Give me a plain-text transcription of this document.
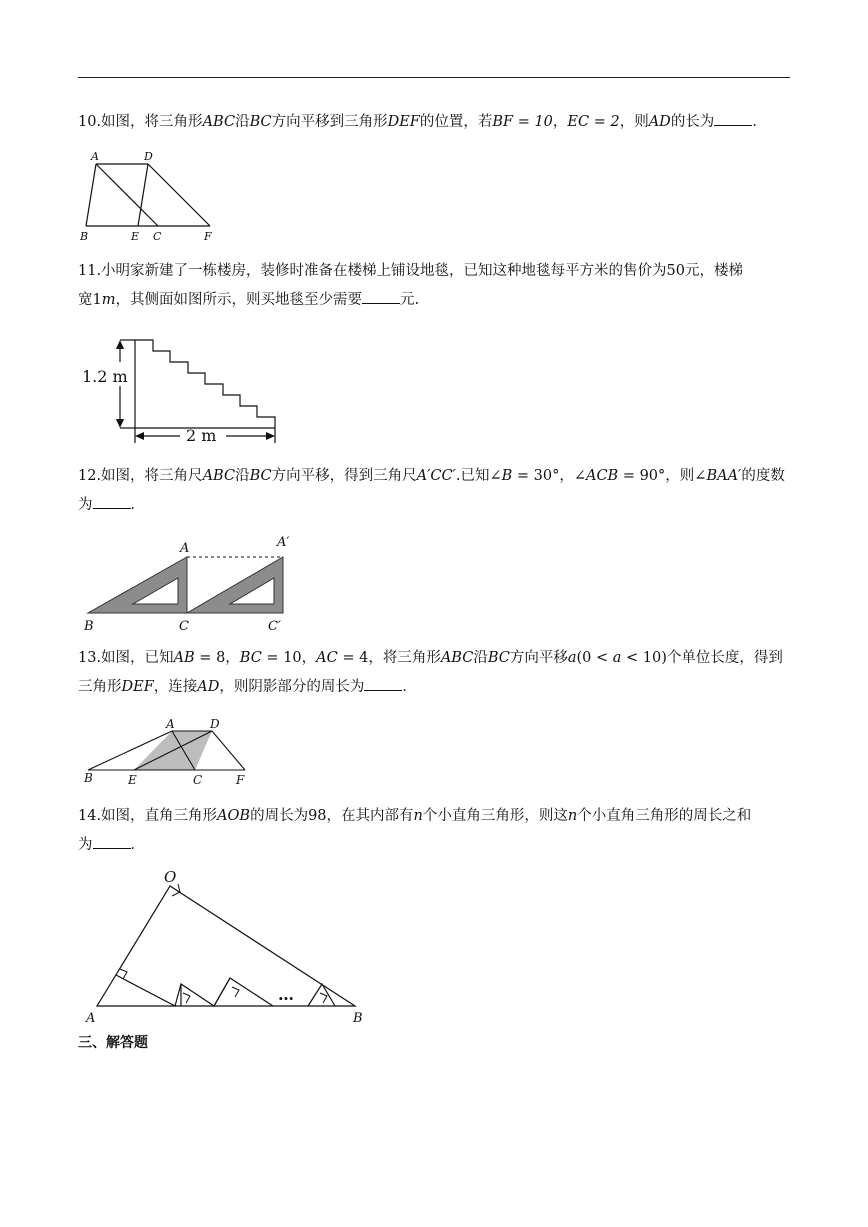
10.如图，将三角形ABC沿BC方向平移到三角形DEF的位置，若BF = 10，EC = 2，则AD的长为	．
A	D
B	E C	F
11.小明家新建了一栋楼房，装修时准备在楼梯上铺设地毯，已知这种地毯每平方米的售价为50元，楼梯
宽1m，其侧面如图所示，则买地毯至少需要	元.
1.2 m
2 m
12.如图，将三角尺ABC沿BC方向平移，得到三角尺A′CC′.已知∠B = 30°，∠ACB = 90°，则∠BAA′的度数
为	．
A	A′
B	C	C′
13.如图，已知AB = 8，BC = 10，AC = 4，将三角形ABC沿BC方向平移a(0 < a < 10)个单位长度，得到
三角形DEF，连接AD，则阴影部分的周长为	．
A	D
B	E	C	F
14.如图，直角三角形AOB的周长为98，在其内部有n个小直角三角形，则这n个小直角三角形的周长之和
为	．
O
A	B
…
三、解答题
